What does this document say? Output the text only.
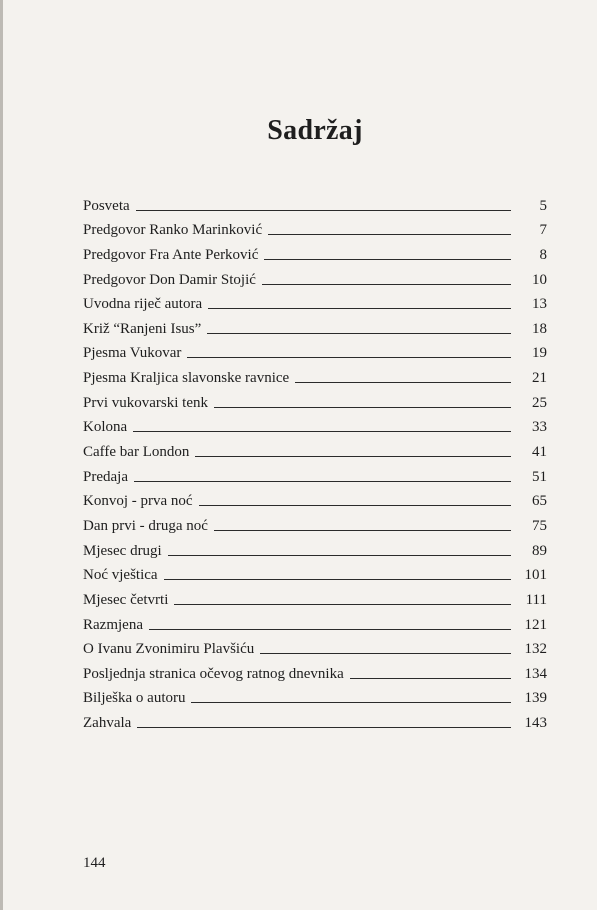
Sadržaj
Posveta	5
Predgovor Ranko Marinković	7
Predgovor Fra Ante Perković	8
Predgovor Don Damir Stojić	10
Uvodna riječ autora	13
Križ “Ranjeni Isus”	18
Pjesma Vukovar	19
Pjesma Kraljica slavonske ravnice	21
Prvi vukovarski tenk	25
Kolona	33
Caffe bar London	41
Predaja	51
Konvoj - prva noć	65
Dan prvi - druga noć	75
Mjesec drugi	89
Noć vještica	101
Mjesec četvrti	111
Razmjena	121
O Ivanu Zvonimiru Plavšiću	132
Posljednja stranica očevog ratnog dnevnika	134
Bilješka o autoru	139
Zahvala	143
144
